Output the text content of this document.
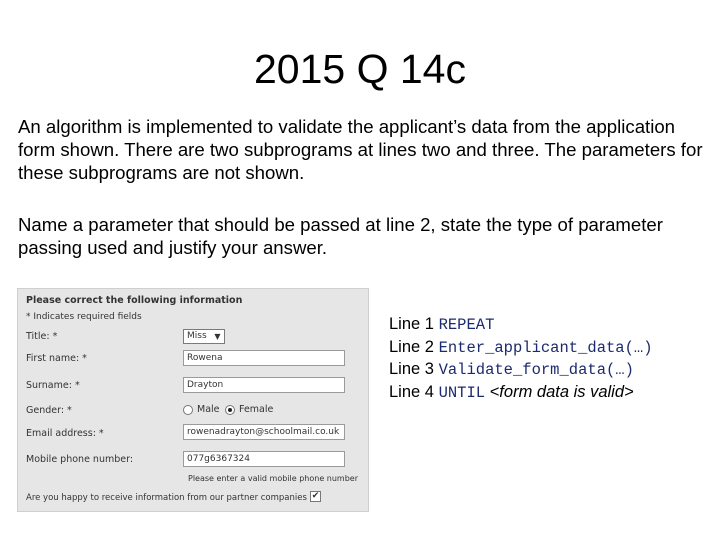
2015 Q 14c
An algorithm is implemented to validate the applicant’s data from the application form shown. There are two subprograms at lines two and three. The parameters for these subprograms are not shown.
Name a parameter that should be passed at line 2, state the type of parameter passing used and justify your answer.
Please correct the following information
* Indicates required fields
Title: *	Miss ▼
First name: *	Rowena
Surname: *	Drayton
Gender: *	Male Female
Email address: *	rowenadrayton@schoolmail.co.uk
Mobile phone number:	077g6367324
Please enter a valid mobile phone number
Are you happy to receive information from our partner companies ✔
Line 1 REPEAT
Line 2 Enter_applicant_data(…)
Line 3 Validate_form_data(…)
Line 4 UNTIL <form data is valid>
